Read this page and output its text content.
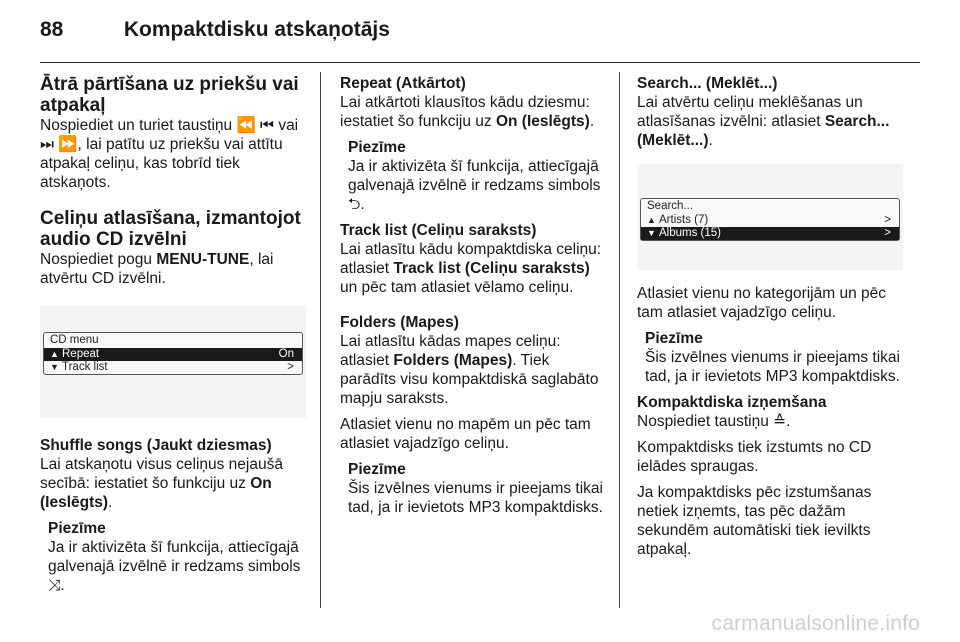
88	Kompaktdisku atskaņotājs

Ātrā pārtīšana uz priekšu vai atpakaļ

Nospiediet un turiet taustiņu ⏪ ⏮ vai ⏭ ⏩, lai patītu uz priekšu vai attītu atpakaļ celiņu, kas tobrīd tiek atskaņots.

Celiņu atlasīšana, izmantojot audio CD izvēlni

Nospiediet pogu MENU-TUNE, lai atvērtu CD izvēlni.

CD menu
▲ Repeat	On
▼ Track list	>

Shuffle songs (Jaukt dziesmas)

Lai atskaņotu visus celiņus nejaušā secībā: iestatiet šo funkciju uz On (Ieslēgts).

Piezīme
Ja ir aktivizēta šī funkcija, attiecīgajā galvenajā izvēlnē ir redzams simbols ⤨.

Repeat (Atkārtot)

Lai atkārtoti klausītos kādu dziesmu: iestatiet šo funkciju uz On (Ieslēgts).

Piezīme
Ja ir aktivizēta šī funkcija, attiecīgajā galvenajā izvēlnē ir redzams simbols ⮌.

Track list (Celiņu saraksts)

Lai atlasītu kādu kompaktdiska celiņu: atlasiet Track list (Celiņu saraksts) un pēc tam atlasiet vēlamo celiņu.

Folders (Mapes)

Lai atlasītu kādas mapes celiņu: atlasiet Folders (Mapes). Tiek parādīts visu kompaktdiskā saglabāto mapju saraksts.

Atlasiet vienu no mapēm un pēc tam atlasiet vajadzīgo celiņu.

Piezīme
Šis izvēlnes vienums ir pieejams tikai tad, ja ir ievietots MP3 kompaktdisks.

Search... (Meklēt...)

Lai atvērtu celiņu meklēšanas un atlasīšanas izvēlni: atlasiet Search... (Meklēt...).

Search...
▲ Artists (7)	>
▼ Albums (15)	>

Atlasiet vienu no kategorijām un pēc tam atlasiet vajadzīgo celiņu.

Piezīme
Šis izvēlnes vienums ir pieejams tikai tad, ja ir ievietots MP3 kompaktdisks.

Kompaktdiska izņemšana

Nospiediet taustiņu ≙.

Kompaktdisks tiek izstumts no CD ielādes spraugas.

Ja kompaktdisks pēc izstumšanas netiek izņemts, tas pēc dažām sekundēm automātiski tiek ievilkts atpakaļ.

carmanualsonline.info
